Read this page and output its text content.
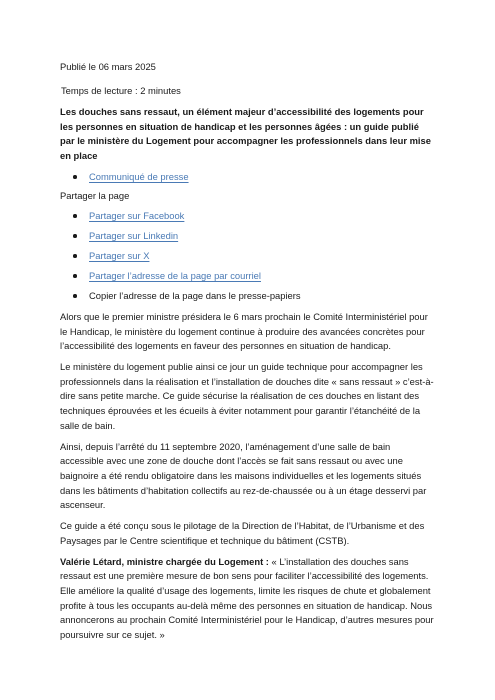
Publié le 06 mars 2025

Temps de lecture : 2 minutes

Les douches sans ressaut, un élément majeur d’accessibilité des logements pour les personnes en situation de handicap et les personnes âgées : un guide publié par le ministère du Logement pour accompagner les professionnels dans leur mise en place

Communiqué de presse

Partager la page

Partager sur Facebook
Partager sur Linkedin
Partager sur X
Partager l’adresse de la page par courriel
Copier l’adresse de la page dans le presse-papiers

Alors que le premier ministre présidera le 6 mars prochain le Comité Interministériel pour le Handicap, le ministère du logement continue à produire des avancées concrètes pour l’accessibilité des logements en faveur des personnes en situation de handicap.

Le ministère du logement publie ainsi ce jour un guide technique pour accompagner les professionnels dans la réalisation et l’installation de douches dite « sans ressaut » c’est-à-dire sans petite marche. Ce guide sécurise la réalisation de ces douches en listant des techniques éprouvées et les écueils à éviter notamment pour garantir l’étanchéité de la salle de bain.

Ainsi, depuis l’arrêté du 11 septembre 2020, l’aménagement d’une salle de bain accessible avec une zone de douche dont l’accès se fait sans ressaut ou avec une baignoire a été rendu obligatoire dans les maisons individuelles et les logements situés dans les bâtiments d’habitation collectifs au rez-de-chaussée ou à un étage desservi par ascenseur.

Ce guide a été conçu sous le pilotage de la Direction de l’Habitat, de l’Urbanisme et des Paysages par le Centre scientifique et technique du bâtiment (CSTB).

Valérie Létard, ministre chargée du Logement : « L’installation des douches sans ressaut est une première mesure de bon sens pour faciliter l’accessibilité des logements. Elle améliore la qualité d’usage des logements, limite les risques de chute et globalement profite à tous les occupants au-delà même des personnes en situation de handicap. Nous annoncerons au prochain Comité Interministériel pour le Handicap, d’autres mesures pour poursuivre sur ce sujet. »
